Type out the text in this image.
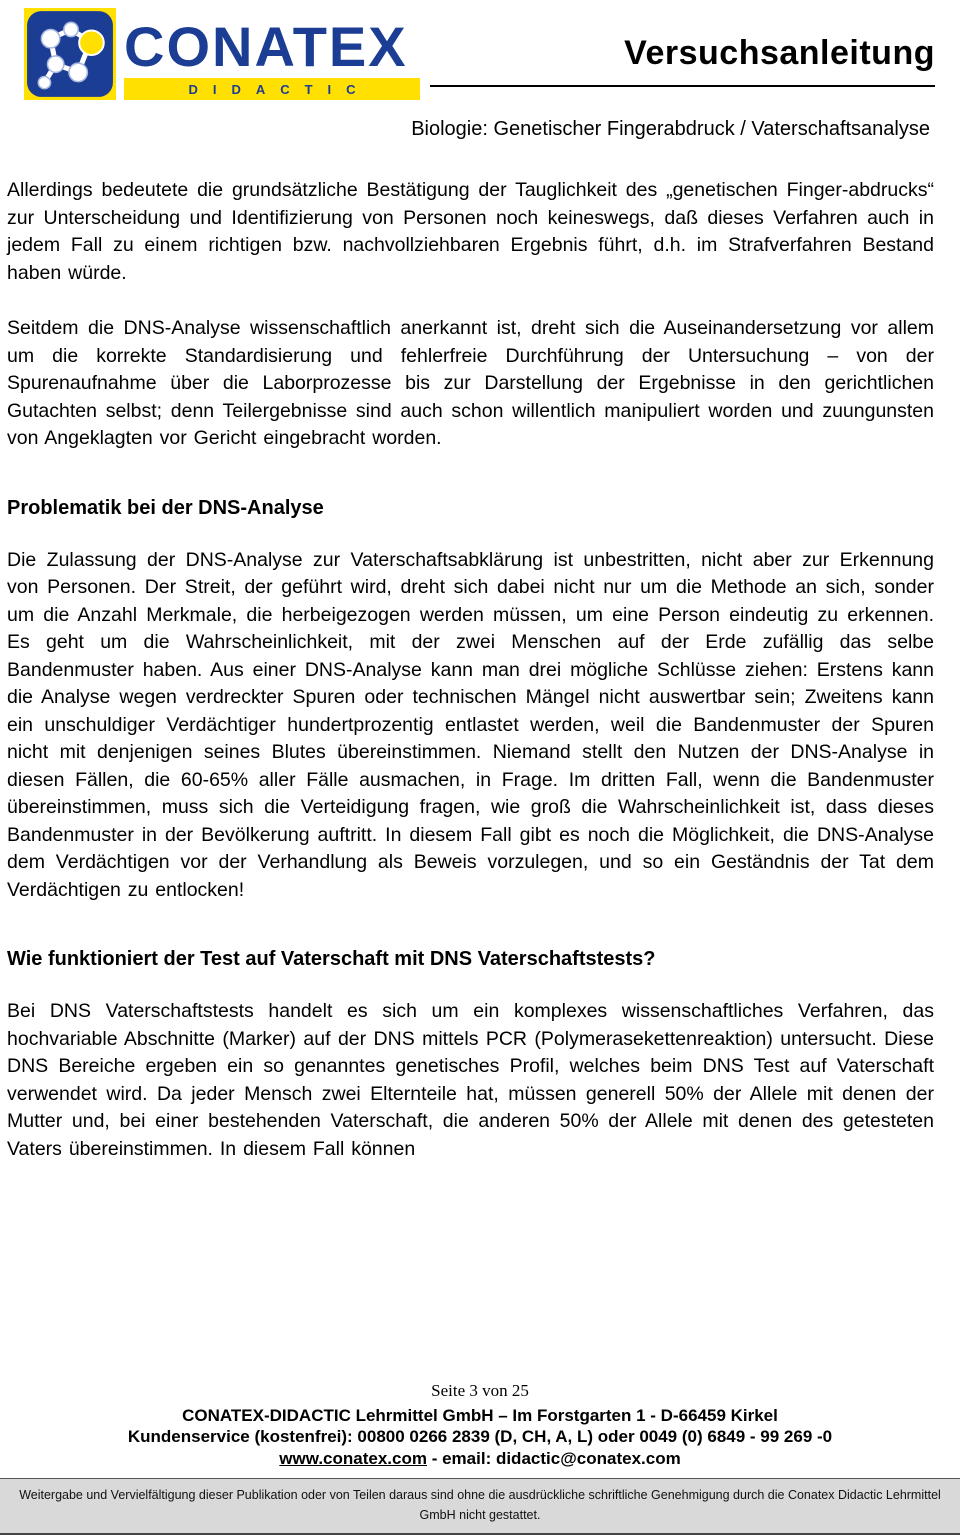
CONATEX
DIDACTIC
Versuchsanleitung
Biologie: Genetischer Fingerabdruck / Vaterschaftsanalyse

Allerdings bedeutete die grundsätzliche Bestätigung der Tauglichkeit des „genetischen Finger-abdrucks“ zur Unterscheidung und Identifizierung von Personen noch keineswegs, daß dieses Verfahren auch in jedem Fall zu einem richtigen bzw. nachvollziehbaren Ergebnis führt, d.h. im Strafverfahren Bestand haben würde.

Seitdem die DNS-Analyse wissenschaftlich anerkannt ist, dreht sich die Auseinandersetzung vor allem um die korrekte Standardisierung und fehlerfreie Durchführung der Untersuchung – von der Spurenaufnahme über die Laborprozesse bis zur Darstellung der Ergebnisse in den gerichtlichen Gutachten selbst; denn Teilergebnisse sind auch schon willentlich manipuliert worden und zuungunsten von Angeklagten vor Gericht eingebracht worden.

Problematik bei der DNS-Analyse

Die Zulassung der DNS-Analyse zur Vaterschaftsabklärung ist unbestritten, nicht aber zur Erkennung von Personen. Der Streit, der geführt wird, dreht sich dabei nicht nur um die Methode an sich, sonder um die Anzahl Merkmale, die herbeigezogen werden müssen, um eine Person eindeutig zu erkennen. Es geht um die Wahrscheinlichkeit, mit der zwei Menschen auf der Erde zufällig das selbe Bandenmuster haben. Aus einer DNS-Analyse kann man drei mögliche Schlüsse ziehen: Erstens kann die Analyse wegen verdreckter Spuren oder technischen Mängel nicht auswertbar sein; Zweitens kann ein unschuldiger Verdächtiger hundertprozentig entlastet werden, weil die Bandenmuster der Spuren nicht mit denjenigen seines Blutes übereinstimmen. Niemand stellt den Nutzen der DNS-Analyse in diesen Fällen, die 60-65% aller Fälle ausmachen, in Frage. Im dritten Fall, wenn die Bandenmuster übereinstimmen, muss sich die Verteidigung fragen, wie groß die Wahrscheinlichkeit ist, dass dieses Bandenmuster in der Bevölkerung auftritt. In diesem Fall gibt es noch die Möglichkeit, die DNS-Analyse dem Verdächtigen vor der Verhandlung als Beweis vorzulegen, und so ein Geständnis der Tat dem Verdächtigen zu entlocken!

Wie funktioniert der Test auf Vaterschaft mit DNS Vaterschaftstests?

Bei DNS Vaterschaftstests handelt es sich um ein komplexes wissenschaftliches Verfahren, das hochvariable Abschnitte (Marker) auf der DNS mittels PCR (Polymerasekettenreaktion) untersucht. Diese DNS Bereiche ergeben ein so genanntes genetisches Profil, welches beim DNS Test auf Vaterschaft verwendet wird. Da jeder Mensch zwei Elternteile hat, müssen generell 50% der Allele mit denen der Mutter und, bei einer bestehenden Vaterschaft, die anderen 50% der Allele mit denen des getesteten Vaters übereinstimmen. In diesem Fall können

Seite 3 von 25
CONATEX-DIDACTIC Lehrmittel GmbH – Im Forstgarten 1 - D-66459 Kirkel
Kundenservice (kostenfrei): 00800 0266 2839 (D, CH, A, L) oder 0049 (0) 6849 - 99 269 -0
www.conatex.com - email: didactic@conatex.com
Weitergabe und Vervielfältigung dieser Publikation oder von Teilen daraus sind ohne die ausdrückliche schriftliche Genehmigung durch die Conatex Didactic Lehrmittel
GmbH nicht gestattet.
